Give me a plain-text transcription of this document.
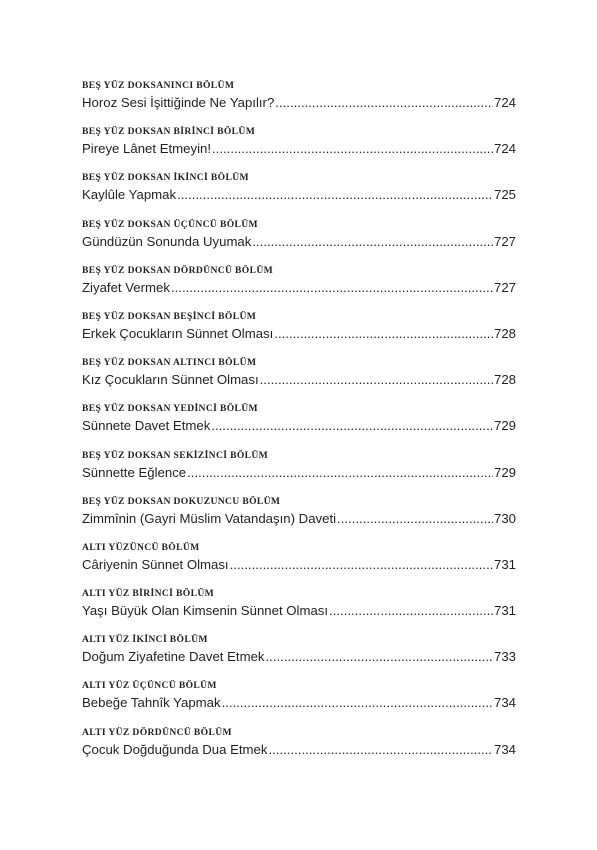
BEŞ YÜZ DOKSANINCI BÖLÜM
Horoz Sesi İşittiğinde Ne Yapılır? .....	724
BEŞ YÜZ DOKSAN BİRİNCİ BÖLÜM
Pireye Lânet Etmeyin! .....	724
BEŞ YÜZ DOKSAN İKİNCİ BÖLÜM
Kaylûle Yapmak .....	725
BEŞ YÜZ DOKSAN ÜÇÜNCÜ BÖLÜM
Gündüzün Sonunda Uyumak .....	727
BEŞ YÜZ DOKSAN DÖRDÜNCÜ BÖLÜM
Ziyafet Vermek .....	727
BEŞ YÜZ DOKSAN BEŞİNCİ BÖLÜM
Erkek Çocukların Sünnet Olması .....	728
BEŞ YÜZ DOKSAN ALTINCI BÖLÜM
Kız Çocukların Sünnet Olması .....	728
BEŞ YÜZ DOKSAN YEDİNCİ BÖLÜM
Sünnete Davet Etmek .....	729
BEŞ YÜZ DOKSAN SEKİZİNCİ BÖLÜM
Sünnette Eğlence .....	729
BEŞ YÜZ DOKSAN DOKUZUNCU BÖLÜM
Zimmînin (Gayri Müslim Vatandaşın) Daveti .....	730
ALTI YÜZÜNCÜ BÖLÜM
Câriyenin Sünnet Olması .....	731
ALTI YÜZ BİRİNCİ BÖLÜM
Yaşı Büyük Olan Kimsenin Sünnet Olması .....	731
ALTI YÜZ İKİNCİ BÖLÜM
Doğum Ziyafetine Davet Etmek .....	733
ALTI YÜZ ÜÇÜNCÜ BÖLÜM
Bebeğe Tahnîk Yapmak .....	734
ALTI YÜZ DÖRDÜNCÜ BÖLÜM
Çocuk Doğduğunda Dua Etmek .....	734
